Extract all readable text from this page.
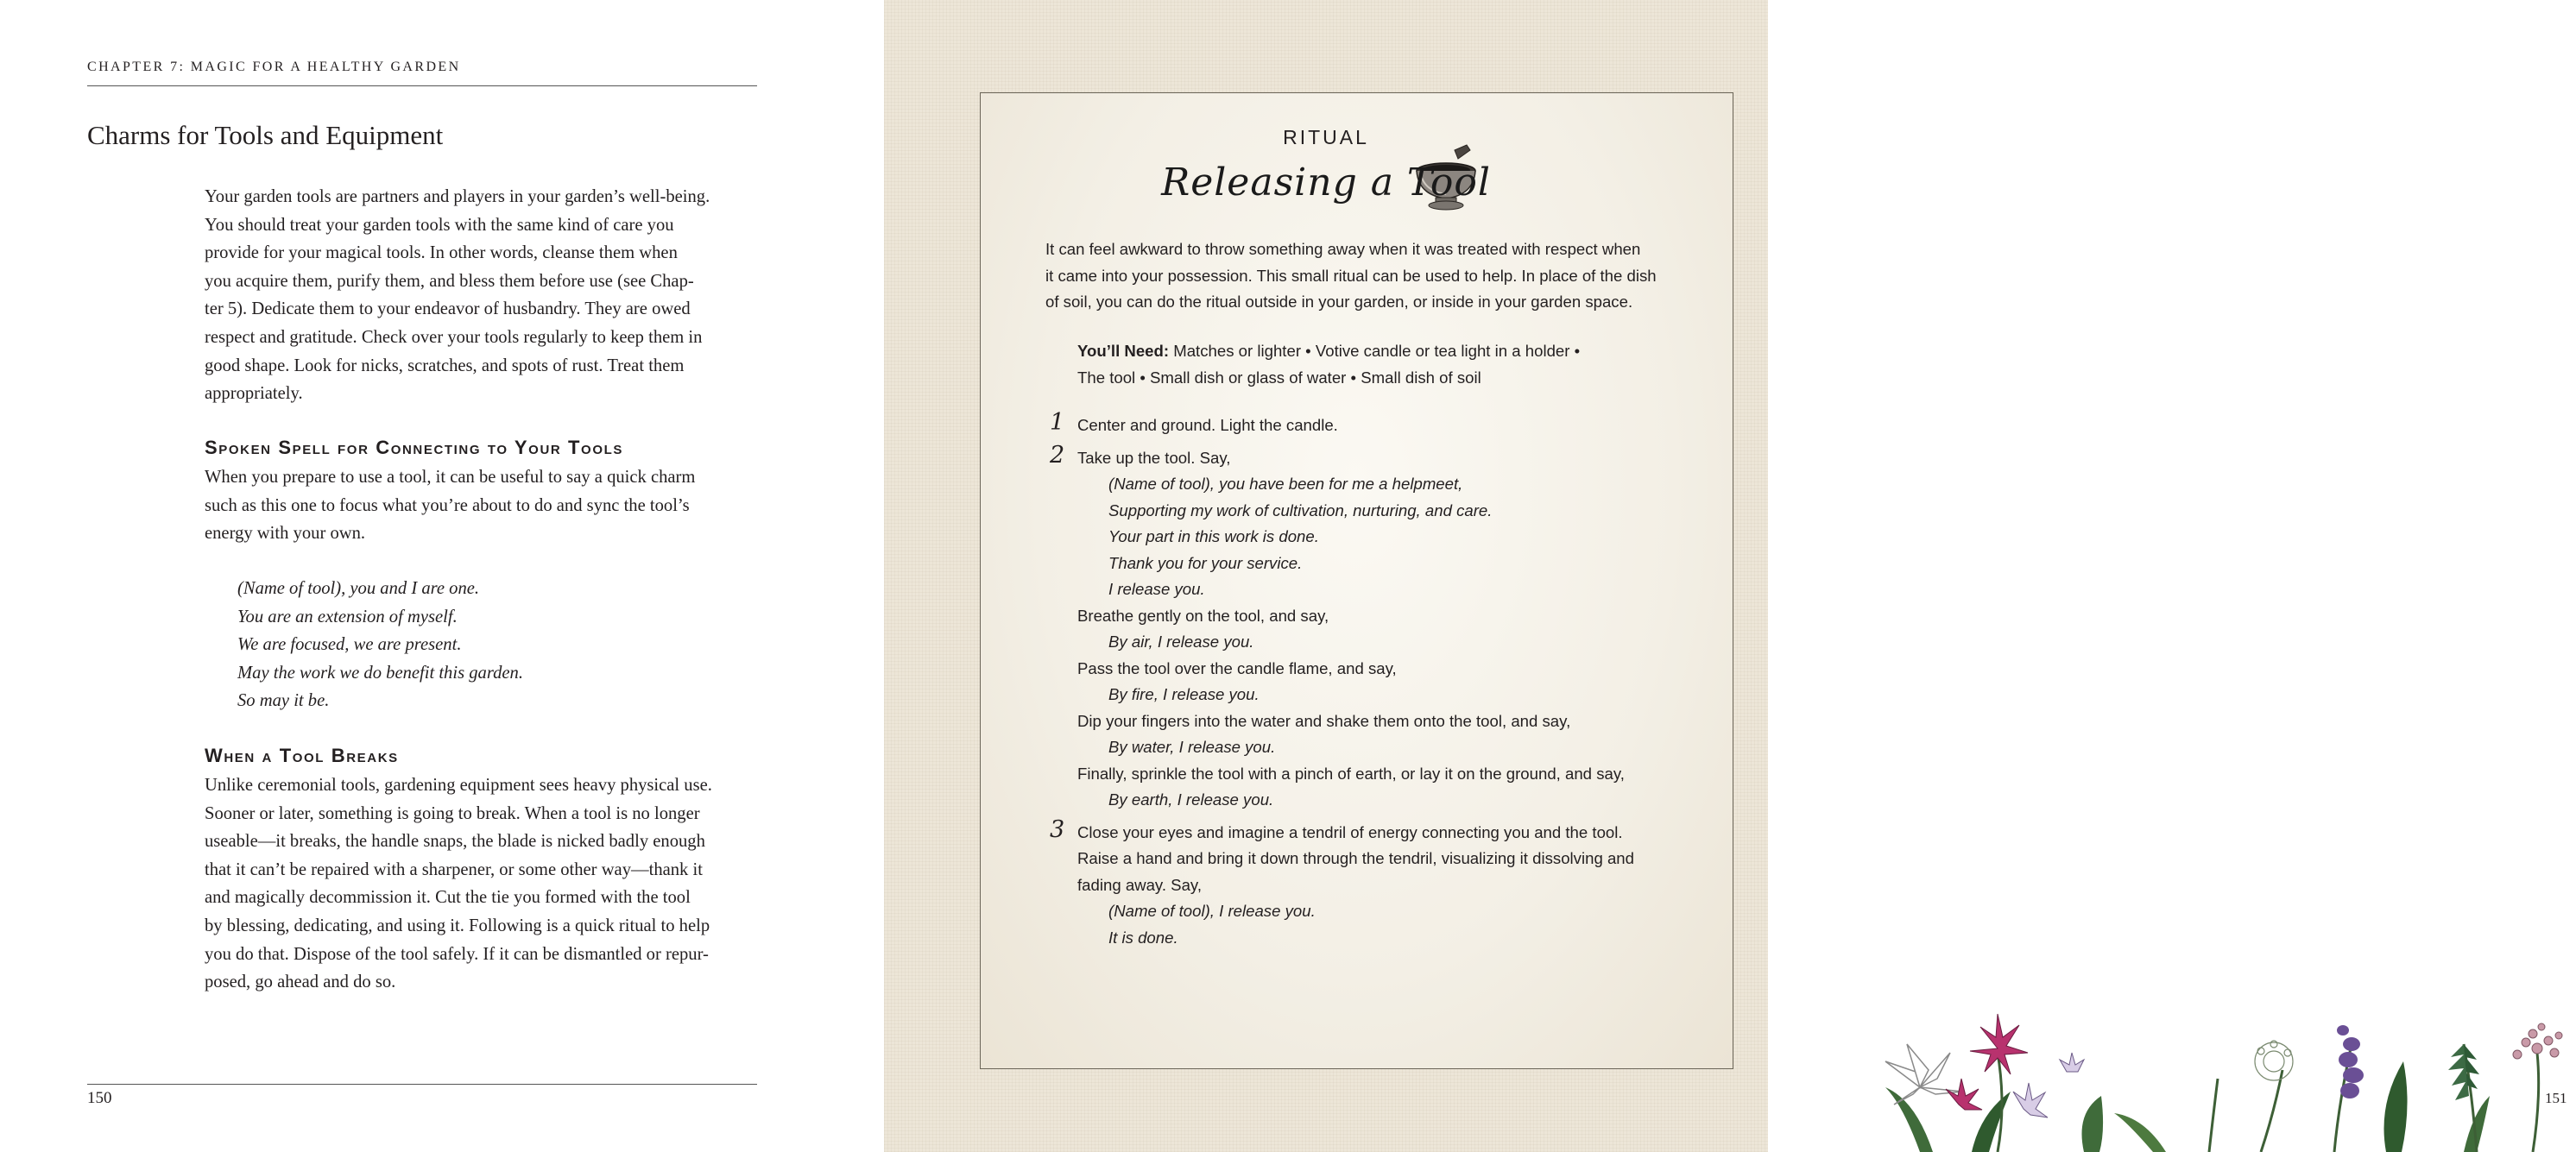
CHAPTER 7: MAGIC FOR A HEALTHY GARDEN
Charms for Tools and Equipment

Your garden tools are partners and players in your garden’s well-being.

You should treat your garden tools with the same kind of care you

provide for your magical tools. In other words, cleanse them when

you acquire them, purify them, and bless them before use (see Chap-

ter 5). Dedicate them to your endeavor of husbandry. They are owed

respect and gratitude. Check over your tools regularly to keep them in

good shape. Look for nicks, scratches, and spots of rust. Treat them

appropriately.

Spoken Spell for Connecting to Your Tools

When you prepare to use a tool, it can be useful to say a quick charm

such as this one to focus what you’re about to do and sync the tool’s

energy with your own.

(Name of tool), you and I are one.
You are an extension of myself.
We are focused, we are present.
May the work we do benefit this garden.
So may it be.
When a Tool Breaks

Unlike ceremonial tools, gardening equipment sees heavy physical use.

Sooner or later, something is going to break. When a tool is no longer

useable—it breaks, the handle snaps, the blade is nicked badly enough

that it can’t be repaired with a sharpener, or some other way—thank it

and magically decommission it. Cut the tie you formed with the tool

by blessing, dedicating, and using it. Following is a quick ritual to help

you do that. Dispose of the tool safely. If it can be dismantled or repur-

posed, go ahead and do so.

150	151
RITUAL
Releasing a Tool
It can feel awkward to throw something away when it was treated with respect when
it came into your possession. This small ritual can be used to help. In place of the dish
of soil, you can do the ritual outside in your garden, or inside in your garden space.
You’ll Need: Matches or lighter • Votive candle or tea light in a holder •
The tool • Small dish or glass of water • Small dish of soil
1 Center and ground. Light the candle.
2 Take up the tool. Say,
(Name of tool), you have been for me a helpmeet,
Supporting my work of cultivation, nurturing, and care.
Your part in this work is done.
Thank you for your service.
I release you.
Breathe gently on the tool, and say,
By air, I release you.
Pass the tool over the candle flame, and say,
By fire, I release you.
Dip your fingers into the water and shake them onto the tool, and say,
By water, I release you.
Finally, sprinkle the tool with a pinch of earth, or lay it on the ground, and say,
By earth, I release you.
3 Close your eyes and imagine a tendril of energy connecting you and the tool.
Raise a hand and bring it down through the tendril, visualizing it dissolving and
fading away. Say,
(Name of tool), I release you.
It is done.
